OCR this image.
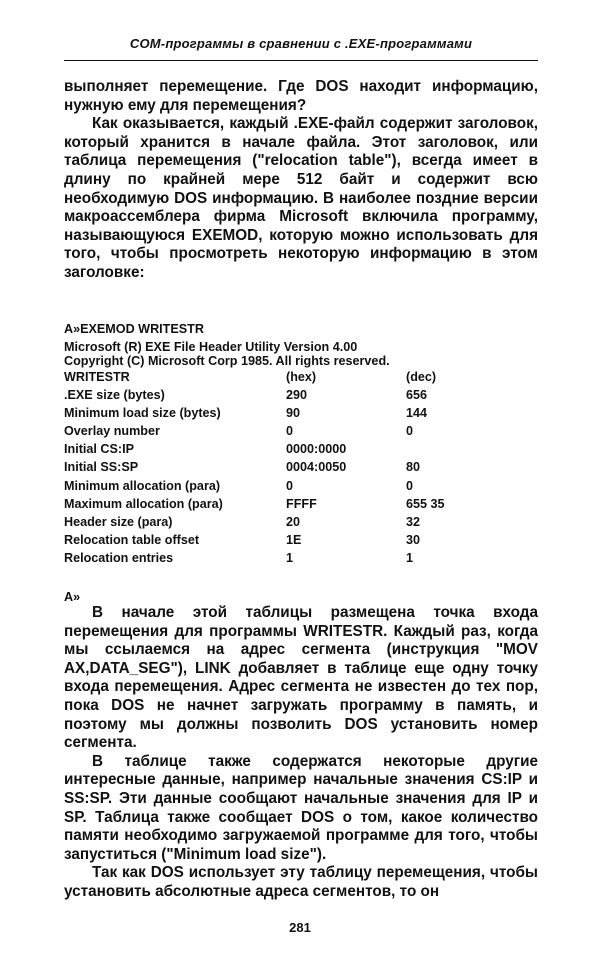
COM-программы в сравнении с .EXE-программами

выполняет перемещение. Где DOS находит информацию, нужную ему для перемещения?

Как оказывается, каждый .EXE-файл содержит заголовок, который хранится в начале файла. Этот заголовок, или таблица перемещения ("relocation table"), всегда имеет в длину по крайней мере 512 байт и содержит всю необходимую DOS информацию. В наиболее поздние версии макроассемблера фирма Microsoft включила программу, называющуюся EXEMOD, которую можно использовать для того, чтобы просмотреть некоторую информацию в этом заголовке:

A»EXEMOD WRITESTR
Microsoft (R) EXE File Header Utility Version 4.00
Copyright (C) Microsoft Corp 1985. All rights reserved.
WRITESTR	(hex)	(dec)
.EXE size (bytes)	290	656
Minimum load size (bytes)	90	144
Overlay number	0	0
Initial CS:IP	0000:0000
Initial SS:SP	0004:0050	80
Minimum allocation (para)	0	0
Maximum allocation (para)	FFFF	655 35
Header size (para)	20	32
Relocation table offset	1E	30
Relocation entries	1	1
A»

В начале этой таблицы размещена точка входа перемещения для программы WRITESTR. Каждый раз, когда мы ссылаемся на адрес сегмента (инструкция "MOV AX,DATA_SEG"), LINK добавляет в таблице еще одну точку входа перемещения. Адрес сегмента не известен до тех пор, пока DOS не начнет загружать программу в память, и поэтому мы должны позволить DOS установить номер сегмента.

В таблице также содержатся некоторые другие интересные данные, например начальные значения CS:IP и SS:SP. Эти данные сообщают начальные значения для IP и SP. Таблица также сообщает DOS о том, какое количество памяти необходимо загружаемой программе для того, чтобы запуститься ("Minimum load size").

Так как DOS использует эту таблицу перемещения, чтобы установить абсолютные адреса сегментов, то он

281
